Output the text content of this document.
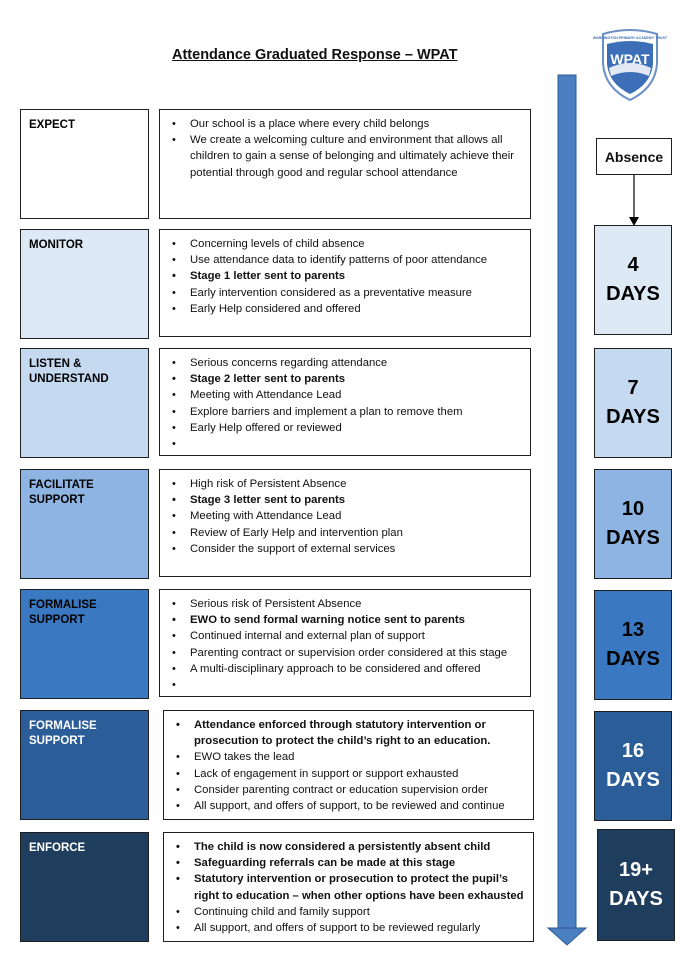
Attendance Graduated Response – WPAT
WARRINGTON PRIMARY ACADEMY TRUST
WPAT
Absence
EXPECT	• Our school is a place where every child belongs
• We create a welcoming culture and environment that allows all children to gain a sense of belonging and ultimately achieve their potential through good and regular school attendance
MONITOR	• Concerning levels of child absence
• Use attendance data to identify patterns of poor attendance
• Stage 1 letter sent to parents
• Early intervention considered as a preventative measure
• Early Help considered and offered
4
DAYS
LISTEN & UNDERSTAND
• Serious concerns regarding attendance
• Stage 2 letter sent to parents
• Meeting with Attendance Lead
• Explore barriers and implement a plan to remove them
• Early Help offered or reviewed
•
7
DAYS
FACILITATE SUPPORT
• High risk of Persistent Absence
• Stage 3 letter sent to parents
• Meeting with Attendance Lead
• Review of Early Help and intervention plan
• Consider the support of external services
10
DAYS
FORMALISE SUPPORT
• Serious risk of Persistent Absence
• EWO to send formal warning notice sent to parents
• Continued internal and external plan of support
• Parenting contract or supervision order considered at this stage
• A multi-disciplinary approach to be considered and offered
•
13
DAYS
FORMALISE SUPPORT
• Attendance enforced through statutory intervention or prosecution to protect the child’s right to an education.
• EWO takes the lead
• Lack of engagement in support or support exhausted
• Consider parenting contract or education supervision order
• All support, and offers of support, to be reviewed and continue
16
DAYS
ENFORCE	• The child is now considered a persistently absent child
• Safeguarding referrals can be made at this stage
• Statutory intervention or prosecution to protect the pupil’s right to education – when other options have been exhausted
• Continuing child and family support
• All support, and offers of support to be reviewed regularly
19+
DAYS
